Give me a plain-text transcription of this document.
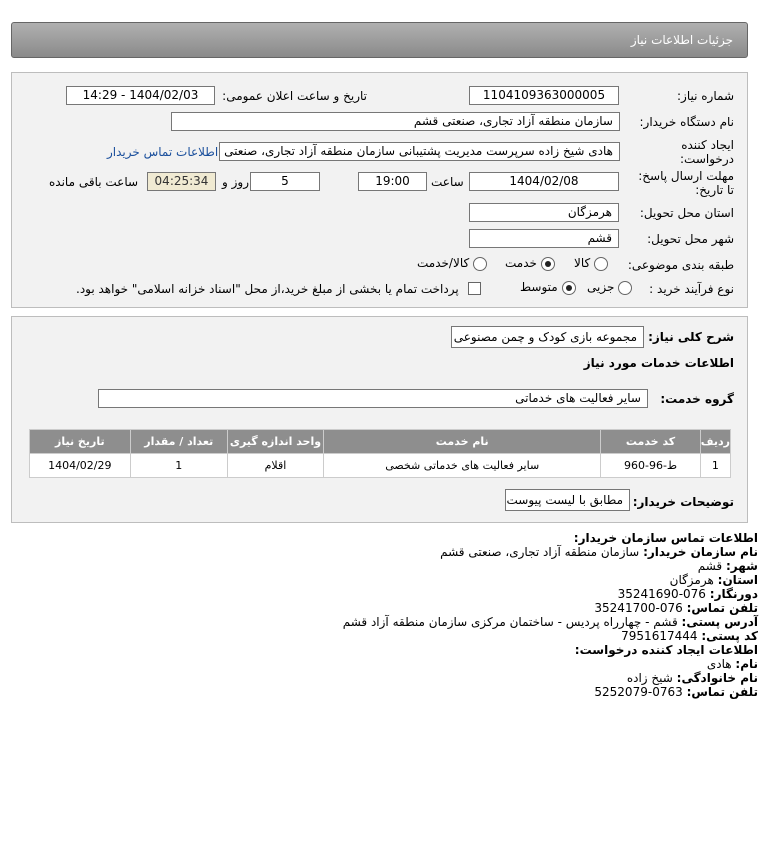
جزئیات اطلاعات نیاز
شماره نیاز:
1104109363000005
تاریخ و ساعت اعلان عمومی:
1404/02/03 - 14:29
نام دستگاه خریدار:
سازمان منطقه آزاد تجاری، صنعتی قشم
ایجاد کننده
درخواست:
هادی شیخ زاده سرپرست مدیریت پشتیبانی سازمان منطقه آزاد تجاری، صنعتی
اطلاعات تماس خریدار
مهلت ارسال پاسخ:
تا تاریخ:
1404/02/08
ساعت
19:00
5
روز و
04:25:34
ساعت باقی مانده
استان محل تحویل:
هرمزگان
شهر محل تحویل:
قشم
طبقه بندی موضوعی:
کالا
خدمت
کالا/خدمت
نوع فرآیند خرید :
جزیی
متوسط
پرداخت تمام یا بخشی از مبلغ خرید،از محل "اسناد خزانه اسلامی" خواهد بود.
شرح کلی نیاز:
مجموعه بازی کودک و چمن مصنوعی
اطلاعات خدمات مورد نیاز
گروه خدمت:
سایر فعالیت های خدماتی
ردیف	کد خدمت	نام خدمت	واحد اندازه گیری	تعداد / مقدار	تاریخ نیاز
1	ط-96-960	سایر فعالیت های خدماتی شخصی	اقلام	1	1404/02/29
توضیحات خریدار:
مطابق با لیست پیوست
اطلاعات تماس سازمان خریدار:
نام سازمان خریدار: سازمان منطقه آزاد تجاری، صنعتی قشم
شهر: قشم
استان: هرمزگان
دورنگار: 076-35241690
تلفن تماس: 076-35241700
آدرس پستی: قشم - چهارراه پردیس - ساختمان مرکزی سازمان منطقه آزاد قشم
کد پستی: 7951617444
اطلاعات ایجاد کننده درخواست:
نام: هادی
نام خانوادگی: شیخ زاده
تلفن تماس: 0763-5252079
